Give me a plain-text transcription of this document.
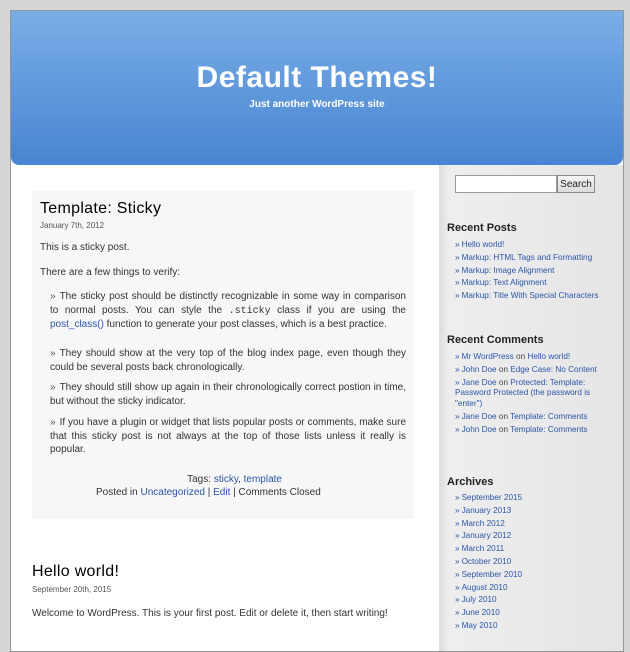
Default Themes!
Just another WordPress site
Template: Sticky
January 7th, 2012
This is a sticky post.
There are a few things to verify:
» The sticky post should be distinctly recognizable in some way in comparison to normal posts. You can style the .sticky class if you are using the post_class() function to generate your post classes, which is a best practice.
» They should show at the very top of the blog index page, even though they could be several posts back chronologically.
» They should still show up again in their chronologically correct postion in time, but without the sticky indicator.
» If you have a plugin or widget that lists popular posts or comments, make sure that this sticky post is not always at the top of those lists unless it really is popular.
Tags: sticky, template
Posted in Uncategorized | Edit | Comments Closed
Hello world!
September 20th, 2015
Welcome to WordPress. This is your first post. Edit or delete it, then start writing!
Search
Recent Posts
» Hello world!
» Markup: HTML Tags and Formatting
» Markup: Image Alignment
» Markup: Text Alignment
» Markup: Title With Special Characters
Recent Comments
» Mr WordPress on Hello world!
» John Doe on Edge Case: No Content
» Jane Doe on Protected: Template: Password Protected (the password is "enter")
» Jane Doe on Template: Comments
» John Doe on Template: Comments
Archives
» September 2015
» January 2013
» March 2012
» January 2012
» March 2011
» October 2010
» September 2010
» August 2010
» July 2010
» June 2010
» May 2010
